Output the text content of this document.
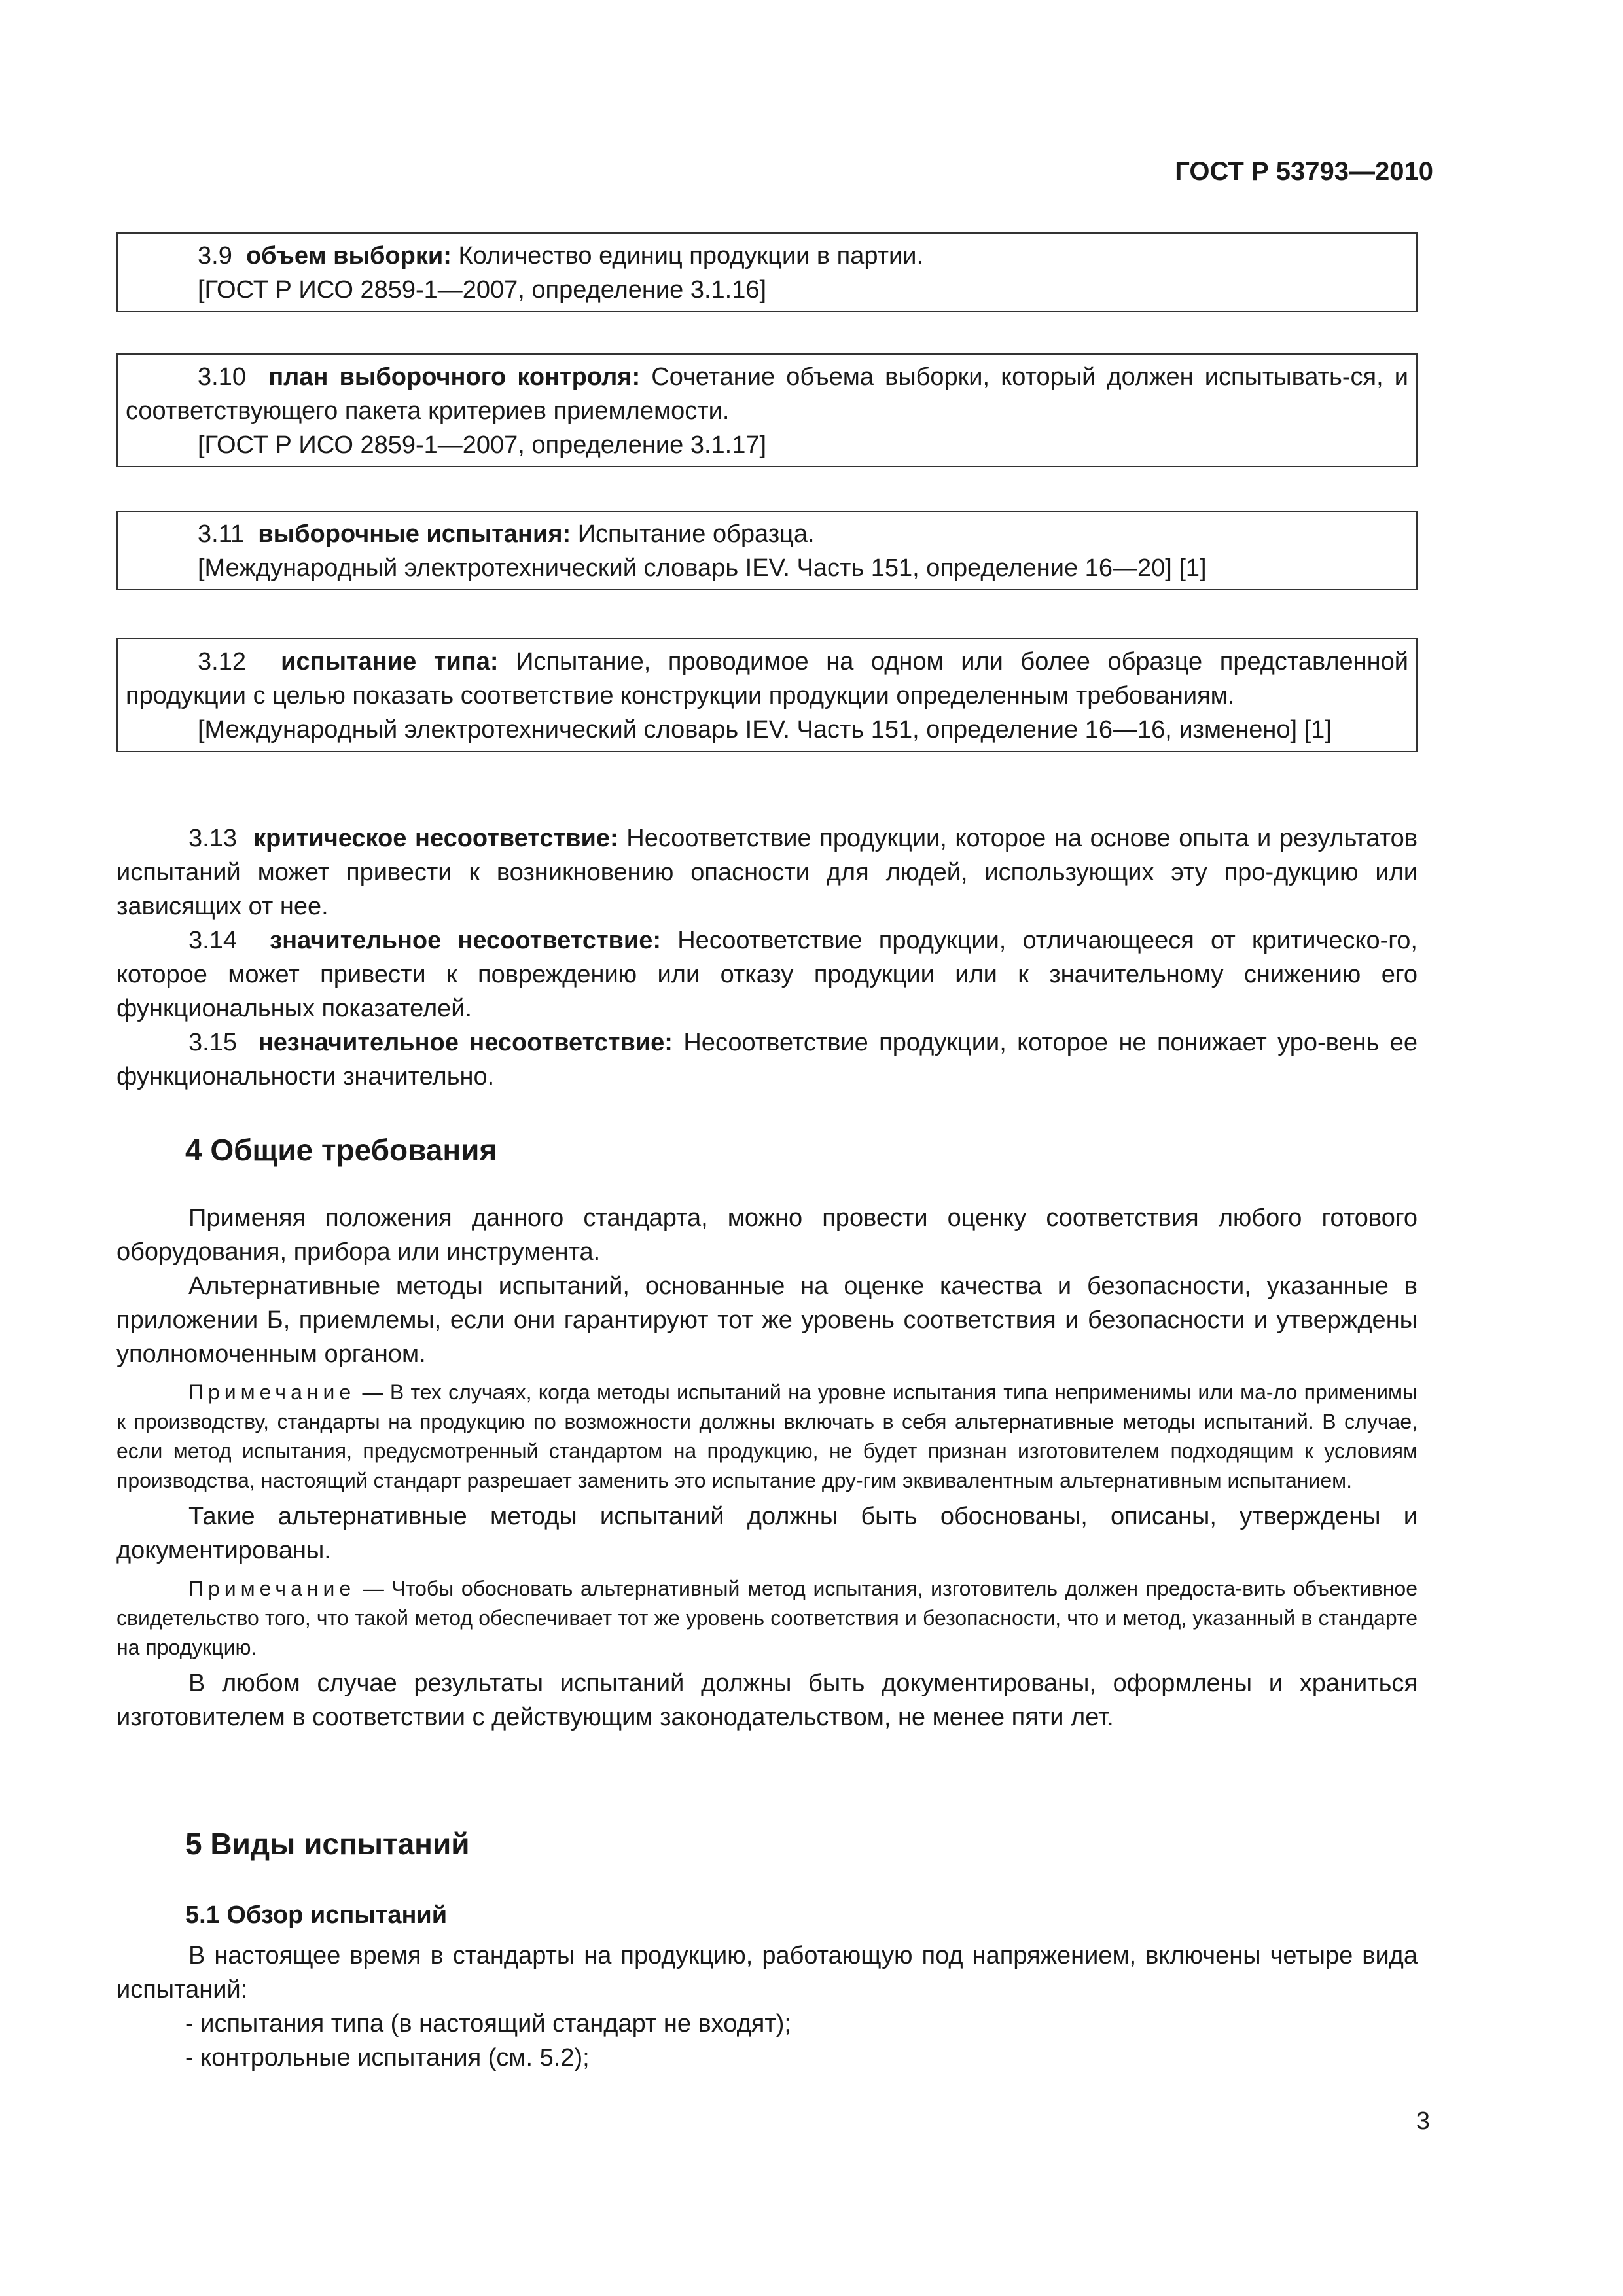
ГОСТ Р 53793—2010

3.9 объем выборки: Количество единиц продукции в партии.

[ГОСТ Р ИСО 2859-1—2007, определение 3.1.16]

3.10 план выборочного контроля: Сочетание объема выборки, который должен испытывать-ся, и соответствующего пакета критериев приемлемости.

[ГОСТ Р ИСО 2859-1—2007, определение 3.1.17]

3.11 выборочные испытания: Испытание образца.

[Международный электротехнический словарь IEV. Часть 151, определение 16—20] [1]

3.12 испытание типа: Испытание, проводимое на одном или более образце представленной продукции с целью показать соответствие конструкции продукции определенным требованиям.

[Международный электротехнический словарь IEV. Часть 151, определение 16—16, изменено] [1]

3.13 критическое несоответствие: Несоответствие продукции, которое на основе опыта и результатов испытаний может привести к возникновению опасности для людей, использующих эту про-дукцию или зависящих от нее.

3.14 значительное несоответствие: Несоответствие продукции, отличающееся от критическо-го, которое может привести к повреждению или отказу продукции или к значительному снижению его функциональных показателей.

3.15 незначительное несоответствие: Несоответствие продукции, которое не понижает уро-вень ее функциональности значительно.

4 Общие требования

Применяя положения данного стандарта, можно провести оценку соответствия любого готового оборудования, прибора или инструмента.

Альтернативные методы испытаний, основанные на оценке качества и безопасности, указанные в приложении Б, приемлемы, если они гарантируют тот же уровень соответствия и безопасности и утверждены уполномоченным органом.

Примечание — В тех случаях, когда методы испытаний на уровне испытания типа неприменимы или ма-ло применимы к производству, стандарты на продукцию по возможности должны включать в себя альтернативные методы испытаний. В случае, если метод испытания, предусмотренный стандартом на продукцию, не будет признан изготовителем подходящим к условиям производства, настоящий стандарт разрешает заменить это испытание дру-гим эквивалентным альтернативным испытанием.

Такие альтернативные методы испытаний должны быть обоснованы, описаны, утверждены и документированы.

Примечание — Чтобы обосновать альтернативный метод испытания, изготовитель должен предоста-вить объективное свидетельство того, что такой метод обеспечивает тот же уровень соответствия и безопасности, что и метод, указанный в стандарте на продукцию.

В любом случае результаты испытаний должны быть документированы, оформлены и храниться изготовителем в соответствии с действующим законодательством, не менее пяти лет.

5 Виды испытаний
5.1 Обзор испытаний

В настоящее время в стандарты на продукцию, работающую под напряжением, включены четыре вида испытаний:

- испытания типа (в настоящий стандарт не входят);

- контрольные испытания (см. 5.2);

3
